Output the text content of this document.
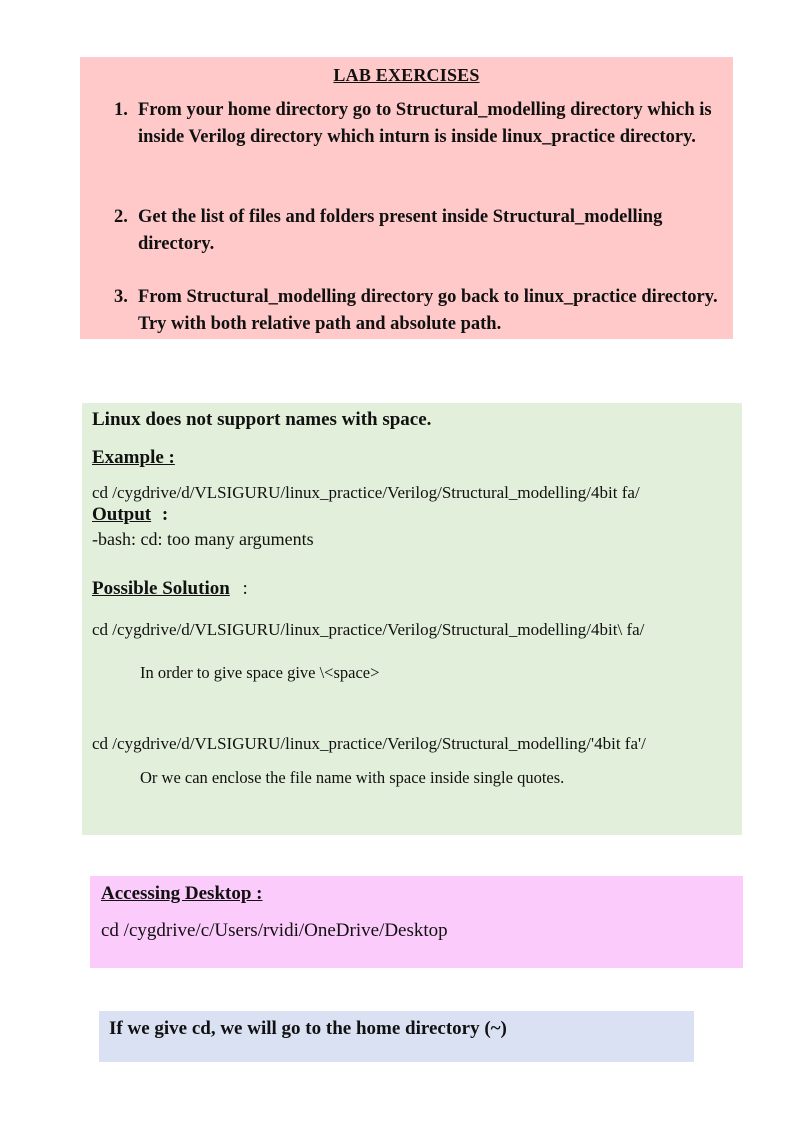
LAB EXERCISES
1. From your home directory go to Structural_modelling directory which is inside Verilog directory which inturn is inside linux_practice directory.
2. Get the list of files and folders present inside Structural_modelling directory.
3. From Structural_modelling directory go back to linux_practice directory. Try with both relative path and absolute path.
Linux does not support names with space.
Example :
cd /cygdrive/d/VLSIGURU/linux_practice/Verilog/Structural_modelling/4bit fa/
Output :
-bash: cd: too many arguments
Possible Solution :
cd /cygdrive/d/VLSIGURU/linux_practice/Verilog/Structural_modelling/4bit\ fa/
In order to give space give \<space>
cd /cygdrive/d/VLSIGURU/linux_practice/Verilog/Structural_modelling/'4bit fa'/
Or we can enclose the file name with space inside single quotes.
Accessing Desktop :
cd /cygdrive/c/Users/rvidi/OneDrive/Desktop
If we give cd, we will go to the home directory (~)
